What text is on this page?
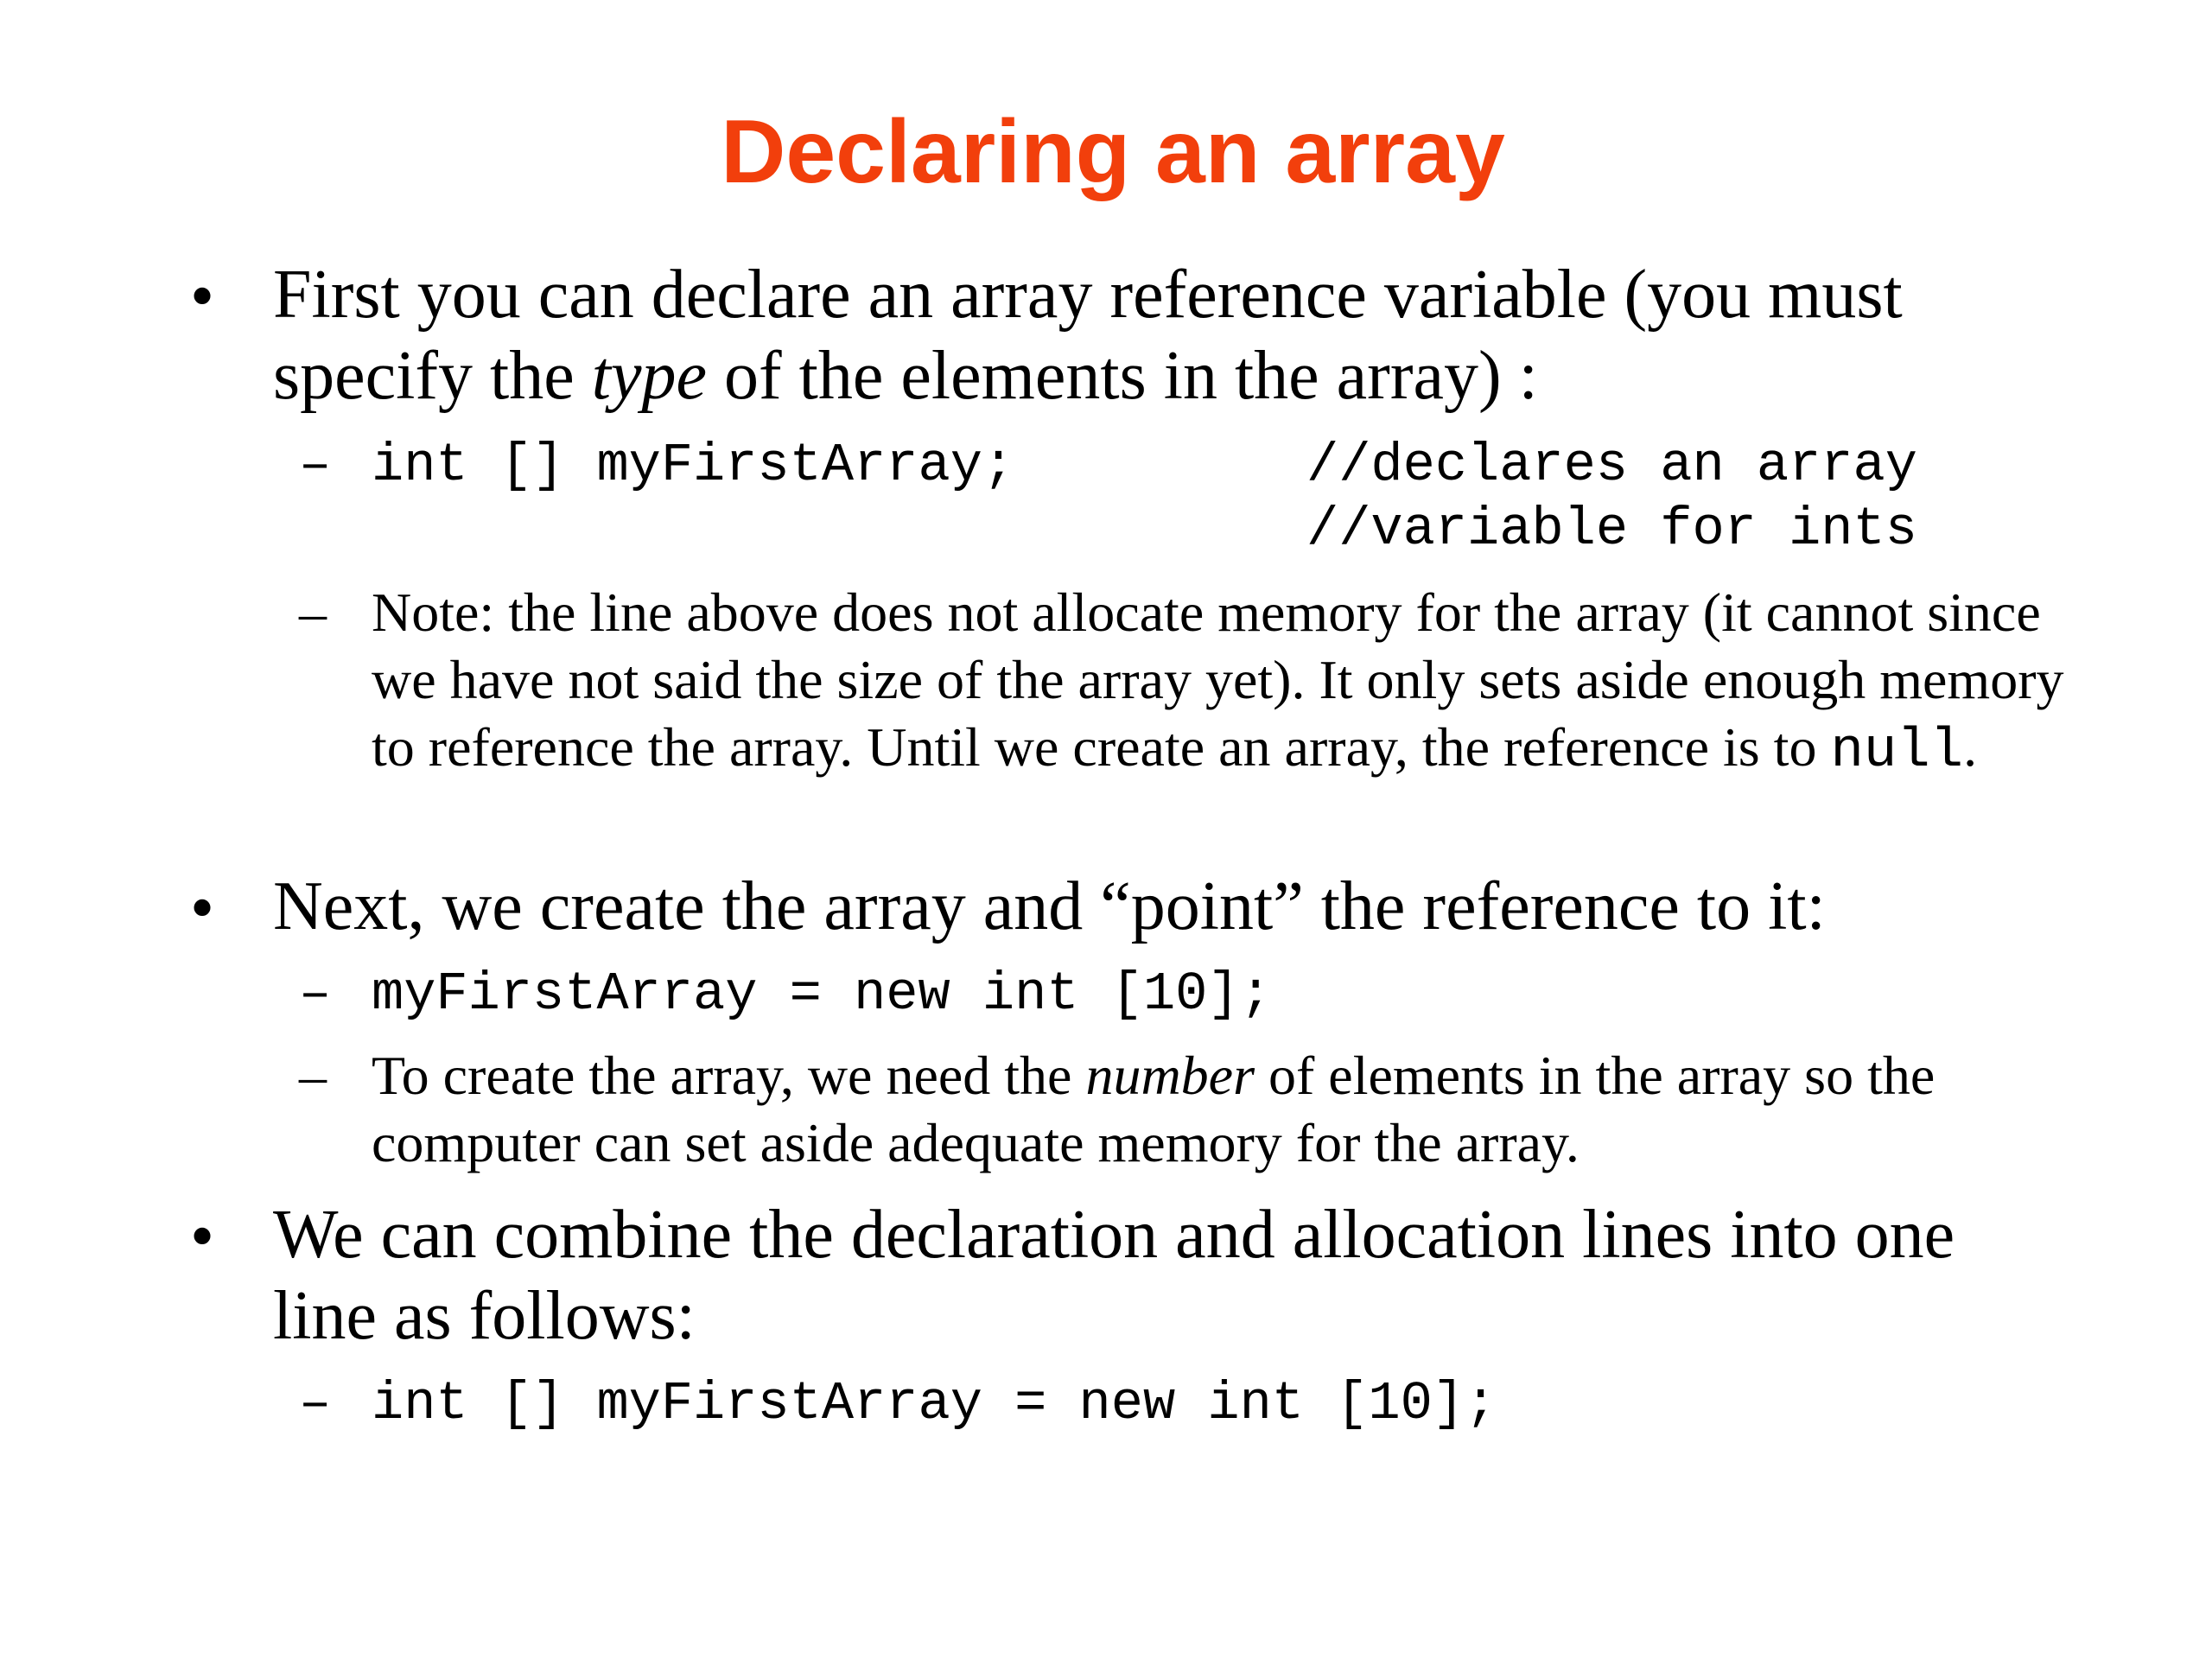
Declaring an array
• First you can declare an array reference variable (you must specify the type of the elements in the array) :
– int [] myFirstArray;	//declares an array
//variable for ints
– Note: the line above does not allocate memory for the array (it cannot since we have not said the size of the array yet). It only sets aside enough memory to reference the array. Until we create an array, the reference is to null.
• Next, we create the array and “point” the reference to it:
– myFirstArray = new int [10];
– To create the array, we need the number of elements in the array so the computer can set aside adequate memory for the array.
• We can combine the declaration and allocation lines into one line as follows:
– int [] myFirstArray = new int [10];
